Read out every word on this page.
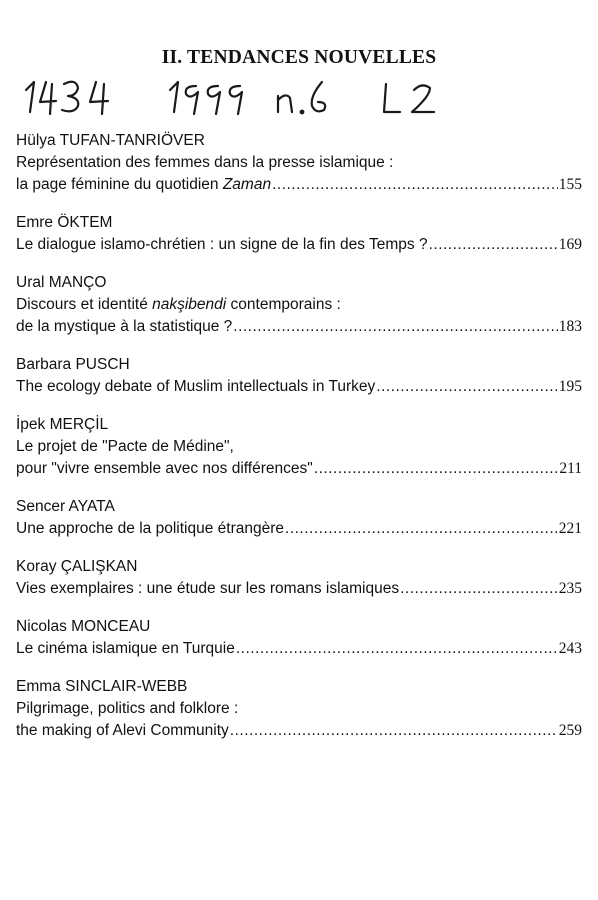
II. TENDANCES NOUVELLES
Hülya TUFAN-TANRIÖVER
Représentation des femmes dans la presse islamique :
la page féminine du quotidien Zaman .....	155
Emre ÖKTEM
Le dialogue islamo-chrétien : un signe de la fin des Temps ? .....	169
Ural MANÇO
Discours et identité nakşibendi contemporains :
de la mystique à la statistique ? .....	183
Barbara PUSCH
The ecology debate of Muslim intellectuals in Turkey .....	195
İpek MERÇİL
Le projet de "Pacte de Médine",
pour "vivre ensemble avec nos différences" .....	211
Sencer AYATA
Une approche de la politique étrangère .....	221
Koray ÇALIŞKAN
Vies exemplaires : une étude sur les romans islamiques .....	235
Nicolas MONCEAU
Le cinéma islamique en Turquie .....	243
Emma SINCLAIR-WEBB
Pilgrimage, politics and folklore :
the making of Alevi Community .....	259
